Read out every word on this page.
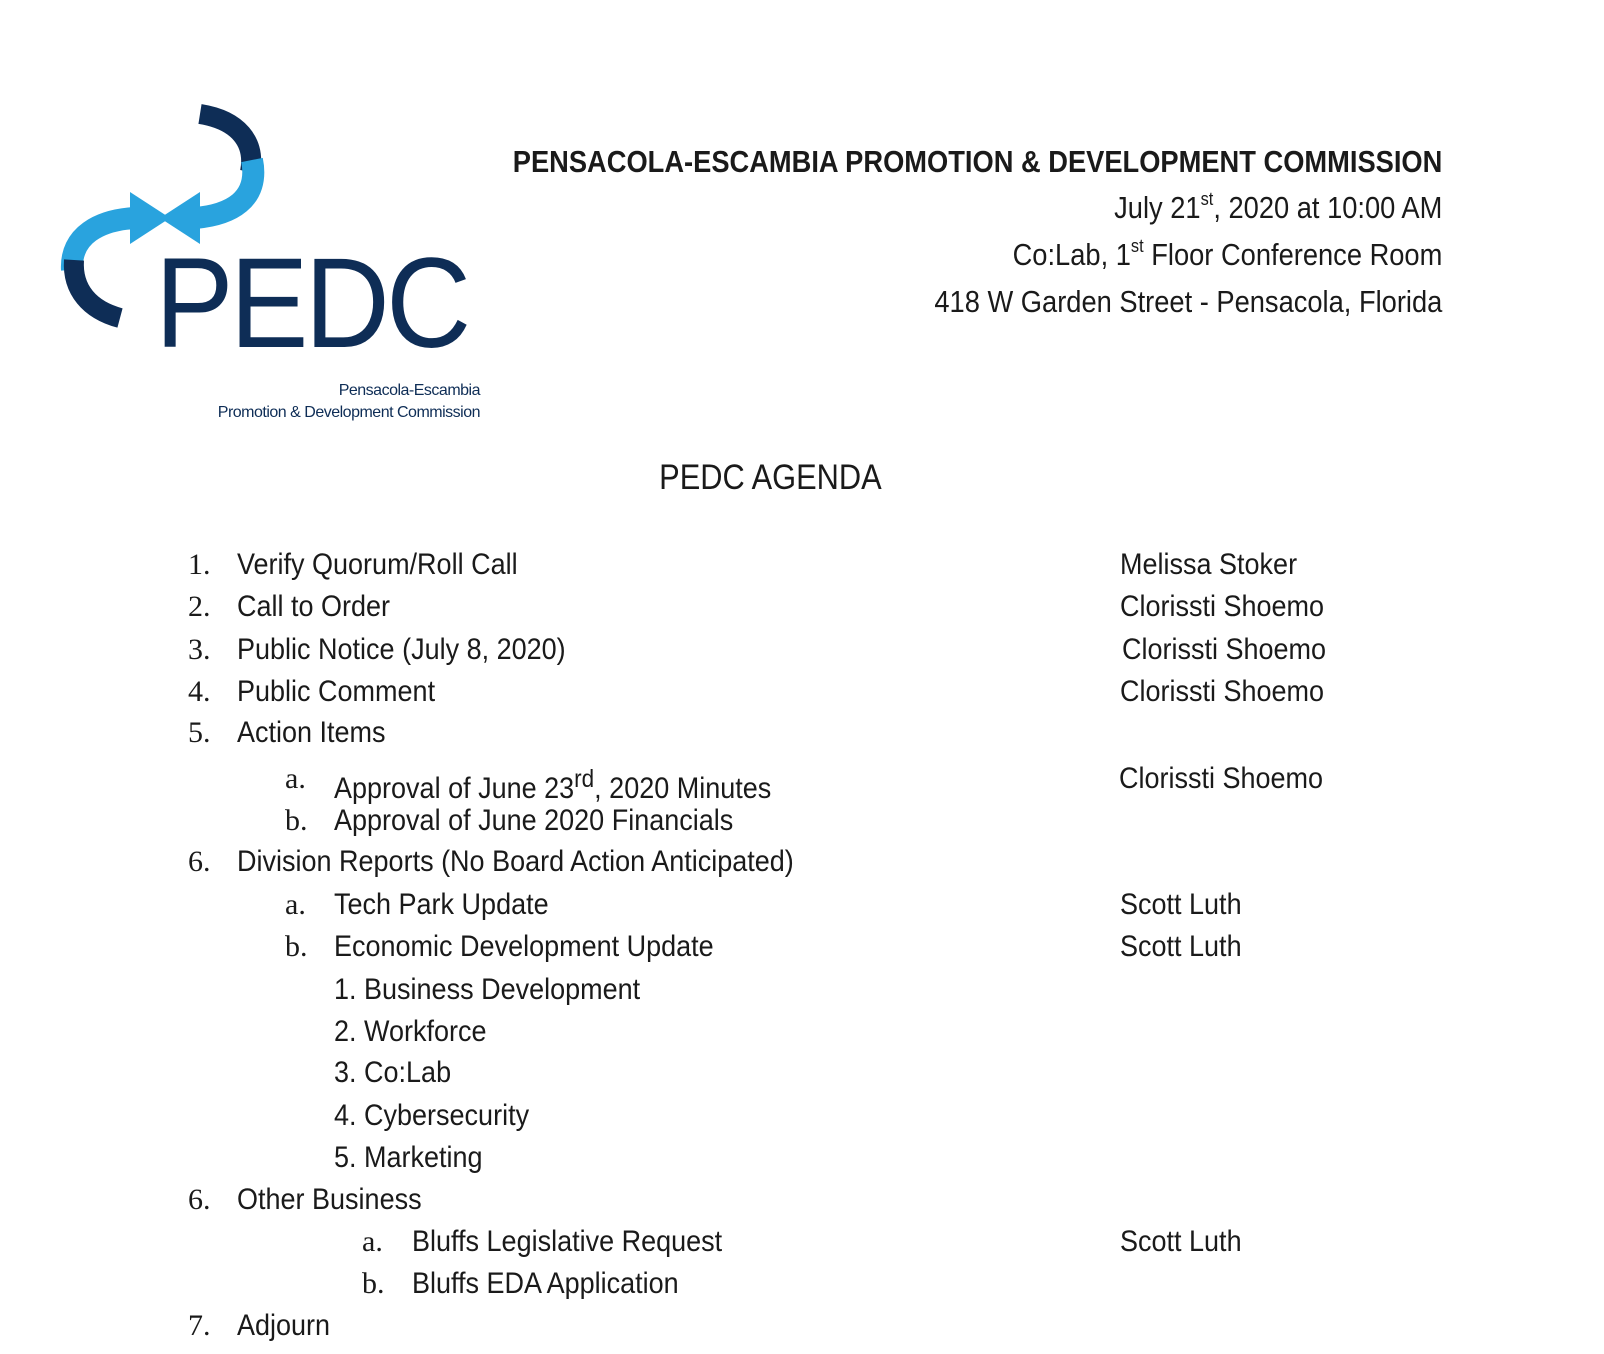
PEDC
Pensacola-Escambia
Promotion & Development Commission
PENSACOLA-ESCAMBIA PROMOTION & DEVELOPMENT COMMISSION
July 21st, 2020 at 10:00 AM
Co:Lab, 1st Floor Conference Room
418 W Garden Street - Pensacola, Florida
PEDC AGENDA
1. Verify Quorum/Roll Call	Melissa Stoker
2. Call to Order	Clorissti Shoemo
3. Public Notice (July 8, 2020)	Clorissti Shoemo
4. Public Comment	Clorissti Shoemo
5. Action Items
a. Approval of June 23rd, 2020 Minutes	Clorissti Shoemo
b. Approval of June 2020 Financials
6. Division Reports (No Board Action Anticipated)
a. Tech Park Update	Scott Luth
b. Economic Development Update	Scott Luth
1. Business Development
2. Workforce
3. Co:Lab
4. Cybersecurity
5. Marketing
6. Other Business
a. Bluffs Legislative Request	Scott Luth
b. Bluffs EDA Application
7. Adjourn
